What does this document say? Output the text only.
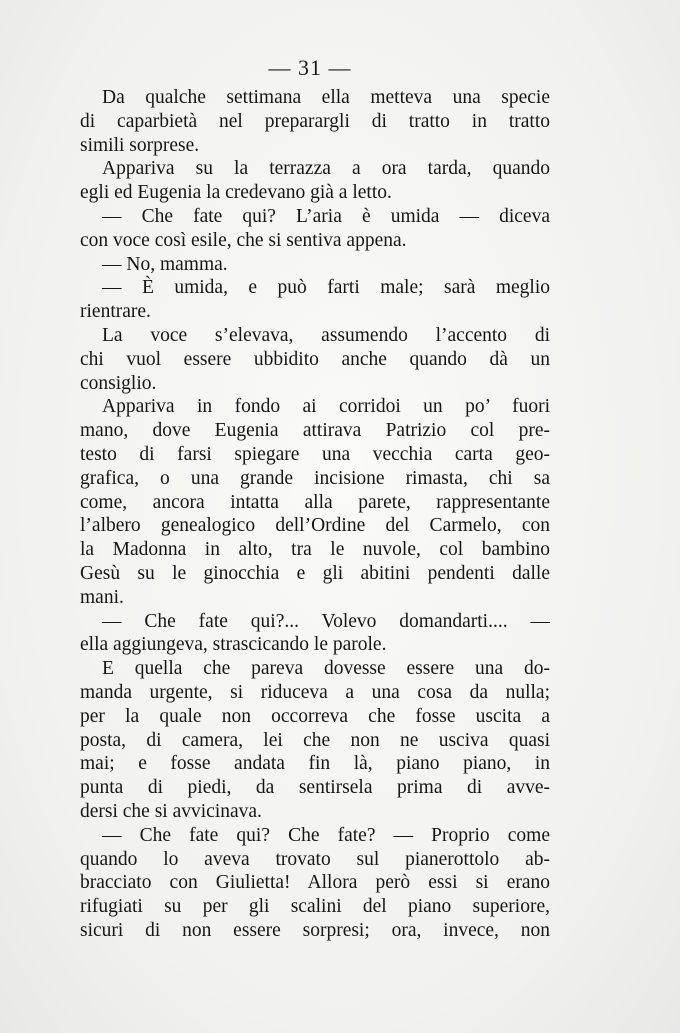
— 31 —
Da qualche settimana ella metteva una specie
di caparbietà nel preparargli di tratto in tratto
simili sorprese.
Appariva su la terrazza a ora tarda, quando
egli ed Eugenia la credevano già a letto.
— Che fate qui? L’aria è umida — diceva
con voce così esile, che si sentiva appena.
— No, mamma.
— È umida, e può farti male; sarà meglio
rientrare.
La voce s’elevava, assumendo l’accento di
chi vuol essere ubbidito anche quando dà un
consiglio.
Appariva in fondo ai corridoi un po’ fuori
mano, dove Eugenia attirava Patrizio col pre-
testo di farsi spiegare una vecchia carta geo-
grafica, o una grande incisione rimasta, chi sa
come, ancora intatta alla parete, rappresentante
l’albero genealogico dell’Ordine del Carmelo, con
la Madonna in alto, tra le nuvole, col bambino
Gesù su le ginocchia e gli abitini pendenti dalle
mani.
— Che fate qui?... Volevo domandarti.... —
ella aggiungeva, strascicando le parole.
E quella che pareva dovesse essere una do-
manda urgente, si riduceva a una cosa da nulla;
per la quale non occorreva che fosse uscita a
posta, di camera, lei che non ne usciva quasi
mai; e fosse andata fin là, piano piano, in
punta di piedi, da sentirsela prima di avve-
dersi che si avvicinava.
— Che fate qui? Che fate? — Proprio come
quando lo aveva trovato sul pianerottolo ab-
bracciato con Giulietta! Allora però essi si erano
rifugiati su per gli scalini del piano superiore,
sicuri di non essere sorpresi; ora, invece, non
